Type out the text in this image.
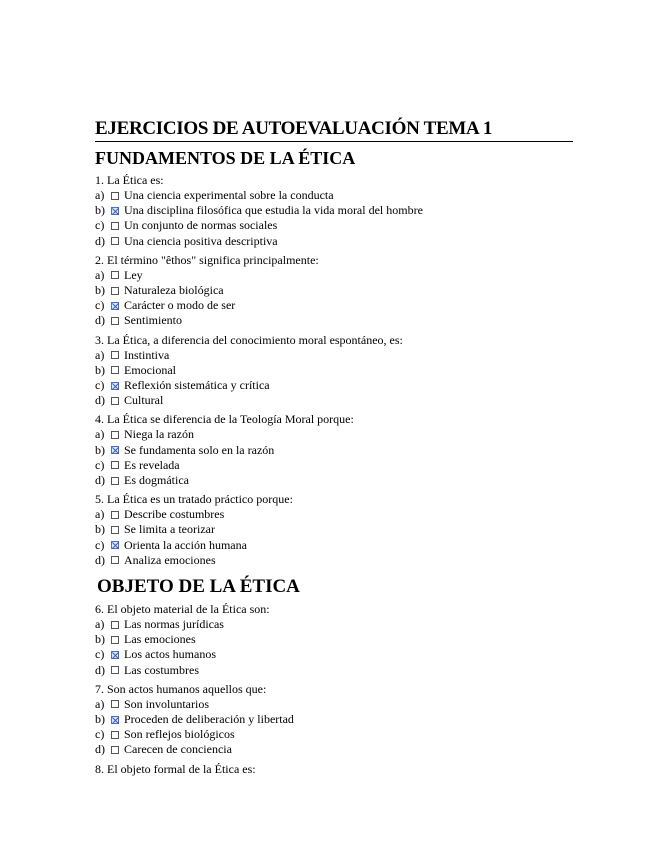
EJERCICIOS DE AUTOEVALUACIÓN TEMA 1
FUNDAMENTOS DE LA ÉTICA
1. La Ética es:
a)	Una ciencia experimental sobre la conducta
b)	Una disciplina filosófica que estudia la vida moral del hombre
c)	Un conjunto de normas sociales
d)	Una ciencia positiva descriptiva
2. El término "êthos" significa principalmente:
a)	Ley
b)	Naturaleza biológica
c)	Carácter o modo de ser
d)	Sentimiento
3. La Ética, a diferencia del conocimiento moral espontáneo, es:
a)	Instintiva
b)	Emocional
c)	Reflexión sistemática y crítica
d)	Cultural
4. La Ética se diferencia de la Teología Moral porque:
a)	Niega la razón
b)	Se fundamenta solo en la razón
c)	Es revelada
d)	Es dogmática
5. La Ética es un tratado práctico porque:
a)	Describe costumbres
b)	Se limita a teorizar
c)	Orienta la acción humana
d)	Analiza emociones
OBJETO DE LA ÉTICA
6. El objeto material de la Ética son:
a)	Las normas jurídicas
b)	Las emociones
c)	Los actos humanos
d)	Las costumbres
7. Son actos humanos aquellos que:
a)	Son involuntarios
b)	Proceden de deliberación y libertad
c)	Son reflejos biológicos
d)	Carecen de conciencia
8. El objeto formal de la Ética es:
